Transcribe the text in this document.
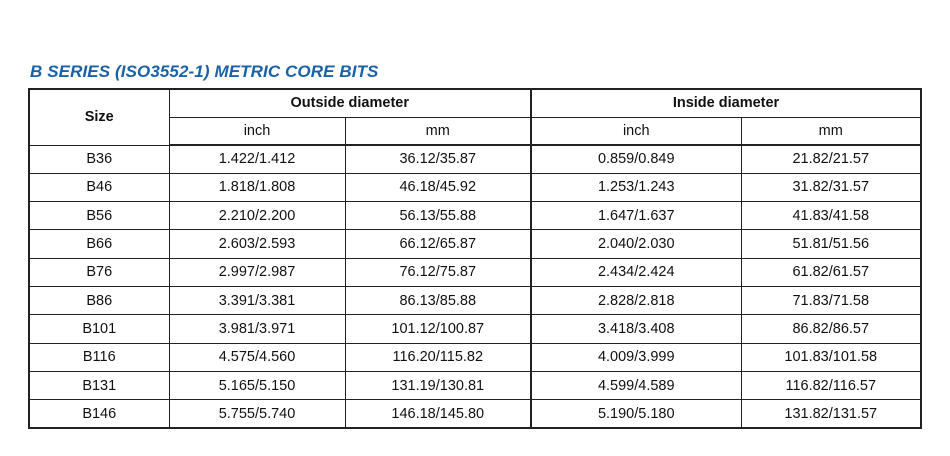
B SERIES (ISO3552-1) METRIC CORE BITS
Size	Outside diameter		Inside diameter	
	inch	mm	inch	mm
B36	1.422/1.412	36.12/35.87	0.859/0.849	21.82/21.57
B46	1.818/1.808	46.18/45.92	1.253/1.243	31.82/31.57
B56	2.210/2.200	56.13/55.88	1.647/1.637	41.83/41.58
B66	2.603/2.593	66.12/65.87	2.040/2.030	51.81/51.56
B76	2.997/2.987	76.12/75.87	2.434/2.424	61.82/61.57
B86	3.391/3.381	86.13/85.88	2.828/2.818	71.83/71.58
B101	3.981/3.971	101.12/100.87	3.418/3.408	86.82/86.57
B116	4.575/4.560	116.20/115.82	4.009/3.999	101.83/101.58
B131	5.165/5.150	131.19/130.81	4.599/4.589	116.82/116.57
B146	5.755/5.740	146.18/145.80	5.190/5.180	131.82/131.57
